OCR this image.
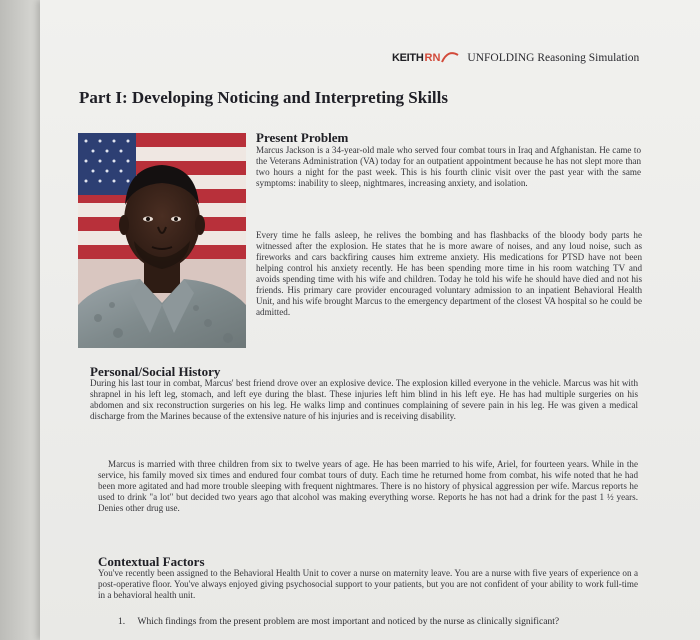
KEITH RN UNFOLDING Reasoning Simulation
Part I: Developing Noticing and Interpreting Skills
Present Problem

Marcus Jackson is a 34-year-old male who served four combat tours in Iraq and Afghanistan. He came to the Veterans Administration (VA) today for an outpatient appointment because he has not slept more than two hours a night for the past week. This is his fourth clinic visit over the past year with the same symptoms: inability to sleep, nightmares, increasing anxiety, and isolation.

Every time he falls asleep, he relives the bombing and has flashbacks of the bloody body parts he witnessed after the explosion. He states that he is more aware of noises, and any loud noise, such as fireworks and cars backfiring causes him extreme anxiety. His medications for PTSD have not been helping control his anxiety recently. He has been spending more time in his room watching TV and avoids spending time with his wife and children. Today he told his wife he should have died and not his friends. His primary care provider encouraged voluntary admission to an inpatient Behavioral Health Unit, and his wife brought Marcus to the emergency department of the closest VA hospital so he could be admitted.

Personal/Social History

During his last tour in combat, Marcus' best friend drove over an explosive device. The explosion killed everyone in the vehicle. Marcus was hit with shrapnel in his left leg, stomach, and left eye during the blast. These injuries left him blind in his left eye. He has had multiple surgeries on his abdomen and six reconstruction surgeries on his leg. He walks limp and continues complaining of severe pain in his leg. He was given a medical discharge from the Marines because of the extensive nature of his injuries and is receiving disability.

Marcus is married with three children from six to twelve years of age. He has been married to his wife, Ariel, for fourteen years. While in the service, his family moved six times and endured four combat tours of duty. Each time he returned home from combat, his wife noted that he had been more agitated and had more trouble sleeping with frequent nightmares. There is no history of physical aggression per wife. Marcus reports he used to drink "a lot" but decided two years ago that alcohol was making everything worse. Reports he has not had a drink for the past 1 ½ years. Denies other drug use.

Contextual Factors

You've recently been assigned to the Behavioral Health Unit to cover a nurse on maternity leave. You are a nurse with five years of experience on a post-operative floor. You've always enjoyed giving psychosocial support to your patients, but you are not confident of your ability to work full-time in a behavioral health unit.

1. Which findings from the present problem are most important and noticed by the nurse as clinically significant?
